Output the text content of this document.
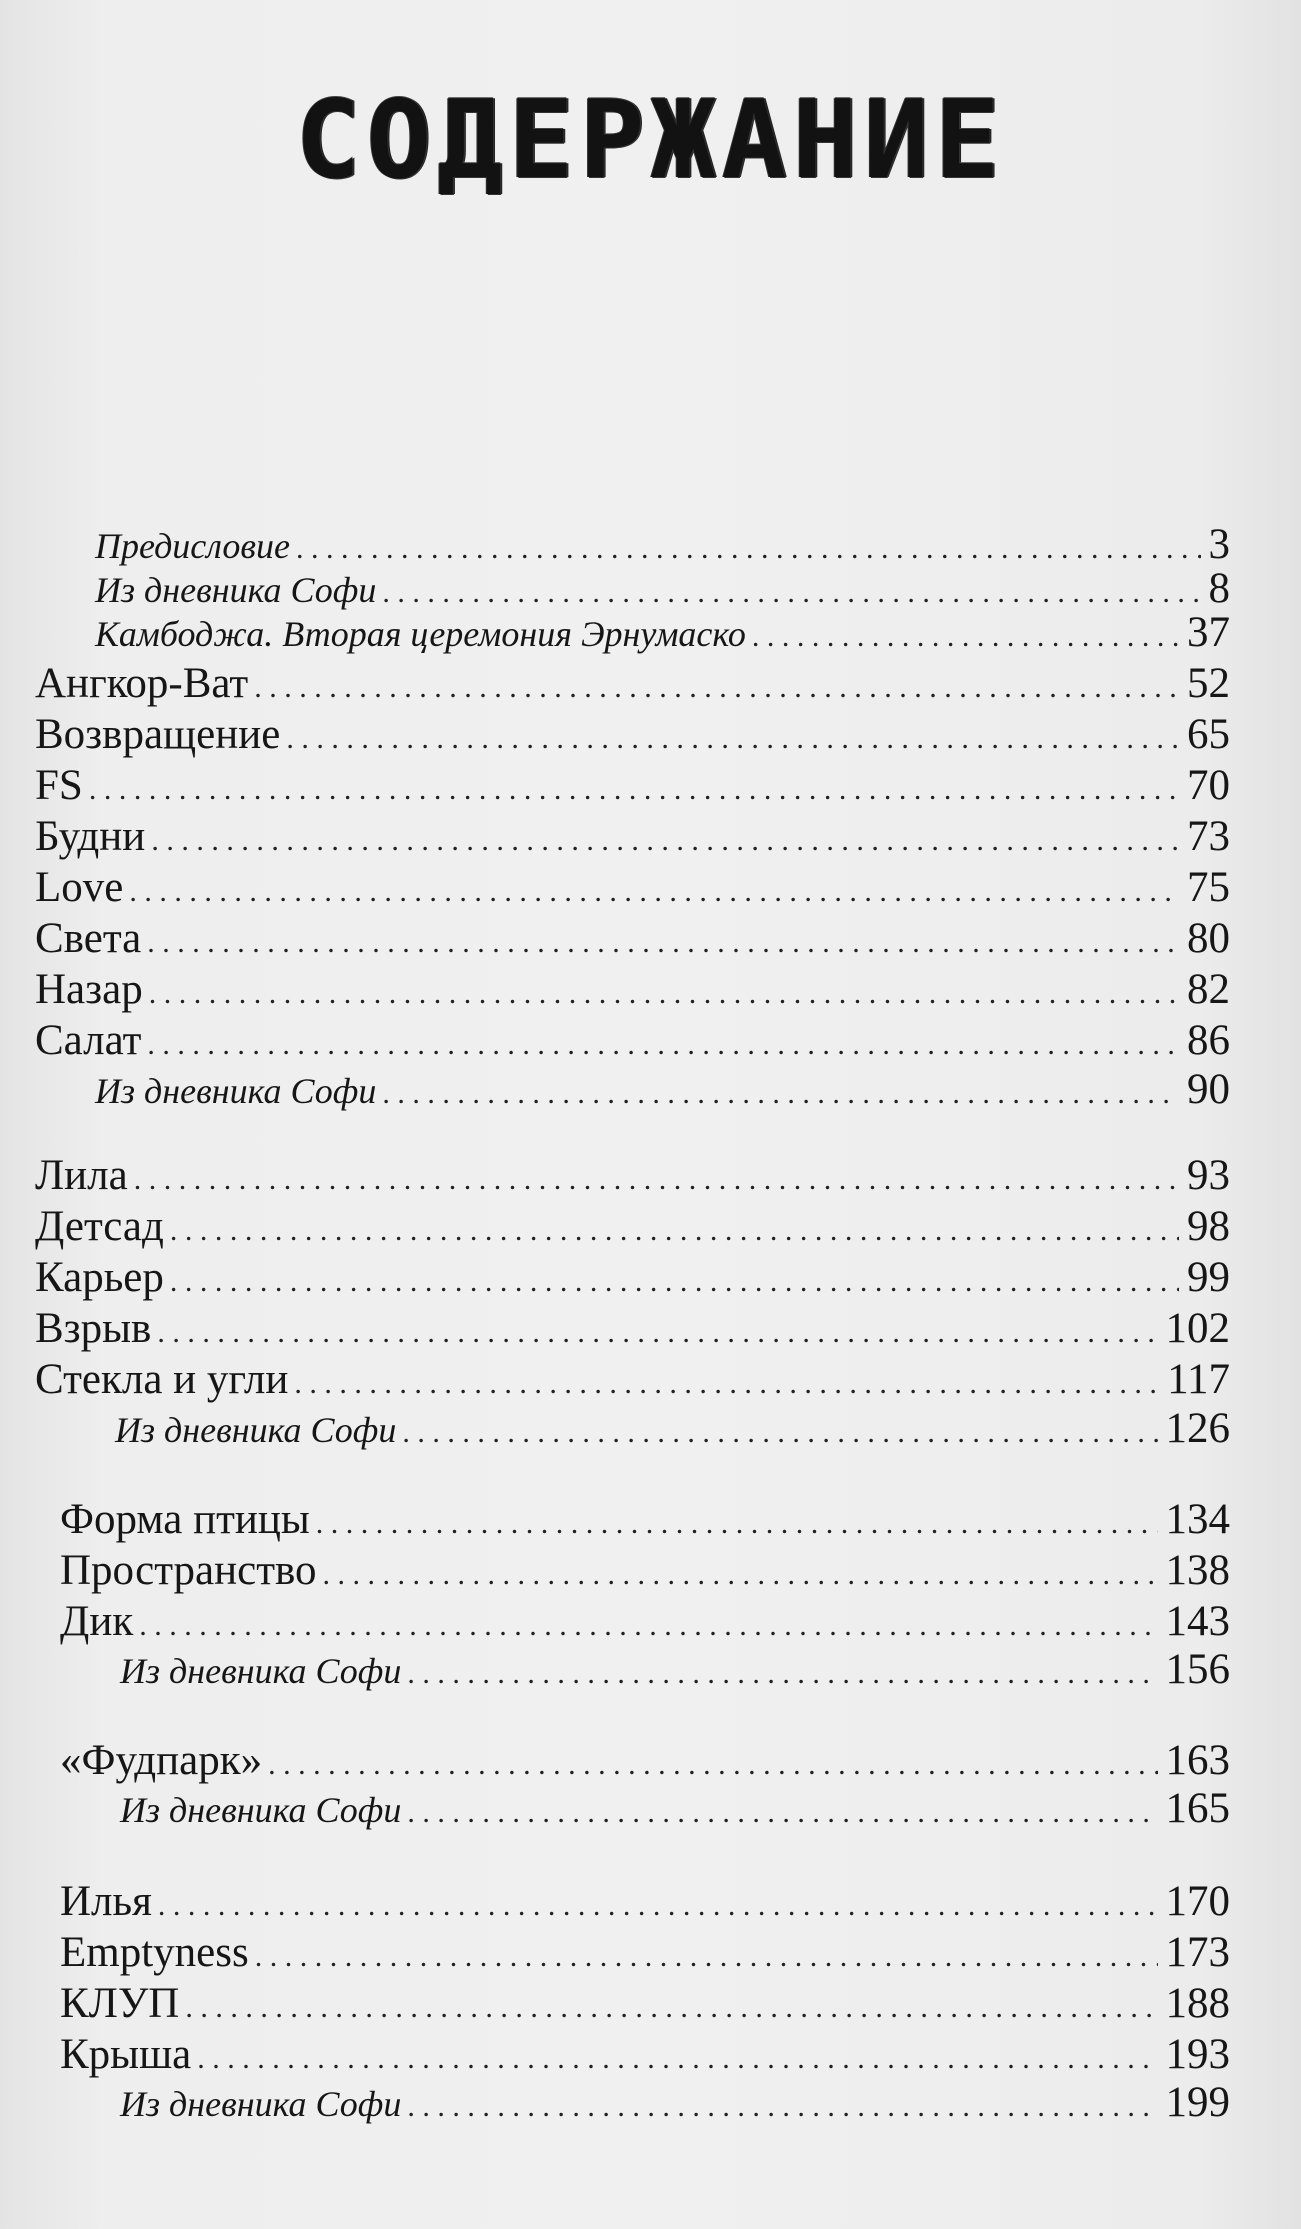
СОДЕРЖАНИЕ
Предисловие . . .	3
Из дневника Софи . . .	8
Камбоджа. Вторая церемония Эрнумаско . . .	37
Ангкор-Ват . . .	52
Возвращение . . .	65
FS . . .	70
Будни . . .	73
Love . . .	75
Света . . .	80
Назар . . .	82
Салат . . .	86
Из дневника Софи . . .	90
Лила . . .	93
Детсад . . .	98
Карьер . . .	99
Взрыв . . .	102
Стекла и угли . . .	117
Из дневника Софи . . .	126
Форма птицы . . .	134
Пространство . . .	138
Дик . . .	143
Из дневника Софи . . .	156
«Фудпарк» . . .	163
Из дневника Софи . . .	165
Илья . . .	170
Emptyness . . .	173
КЛУП . . .	188
Крыша . . .	193
Из дневника Софи . . .	199
